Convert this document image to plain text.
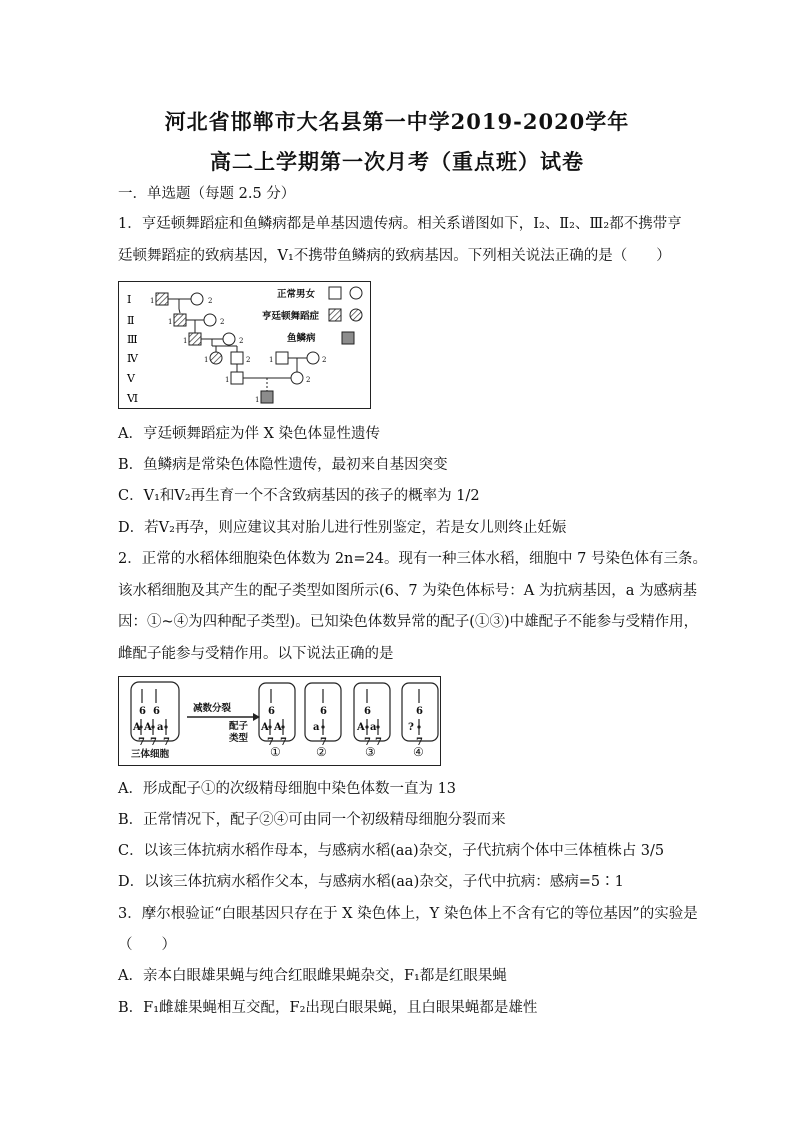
河北省邯郸市大名县第一中学2019-2020学年
高二上学期第一次月考（重点班）试卷
一．单选题（每题 2.5 分）
1．亨廷顿舞蹈症和鱼鳞病都是单基因遗传病。相关系谱图如下，Ⅰ₂、Ⅱ₂、Ⅲ₂都不携带亨
廷顿舞蹈症的致病基因，Ⅴ₁不携带鱼鳞病的致病基因。下列相关说法正确的是（　　）
Ⅰ
Ⅱ
Ⅲ
Ⅳ
Ⅴ
Ⅵ
1	2
1	2
1	2
1	2	1	2
1	2
1
正常男女
亨廷顿舞蹈症
鱼鳞病
A．亨廷顿舞蹈症为伴 X 染色体显性遗传
B．鱼鳞病是常染色体隐性遗传，最初来自基因突变
C．Ⅴ₁和Ⅴ₂再生育一个不含致病基因的孩子的概率为 1/2
D．若Ⅴ₂再孕，则应建议其对胎儿进行性别鉴定，若是女儿则终止妊娠
2．正常的水稻体细胞染色体数为 2n=24。现有一种三体水稻，细胞中 7 号染色体有三条。
该水稻细胞及其产生的配子类型如图所示(6、7 为染色体标号：A 为抗病基因，a 为感病基
因：①~④为四种配子类型)。已知染色体数异常的配子(①③)中雄配子不能参与受精作用，
雌配子能参与受精作用。以下说法正确的是
6 6
A A a
7 7 7
6
A A
7 7
6
a
7
6
A a
7 7
6
?
7
减数分裂
配子
类型
三体细胞	①	②	③	④
A．形成配子①的次级精母细胞中染色体数一直为 13
B．正常情况下，配子②④可由同一个初级精母细胞分裂而来
C．以该三体抗病水稻作母本，与感病水稻(aa)杂交，子代抗病个体中三体植株占 3/5
D．以该三体抗病水稻作父本，与感病水稻(aa)杂交，子代中抗病：感病=5∶1
3．摩尔根验证“白眼基因只存在于 X 染色体上，Y 染色体上不含有它的等位基因”的实验是
（　　）
A．亲本白眼雄果蝇与纯合红眼雌果蝇杂交，F₁都是红眼果蝇
B．F₁雌雄果蝇相互交配，F₂出现白眼果蝇，且白眼果蝇都是雄性
